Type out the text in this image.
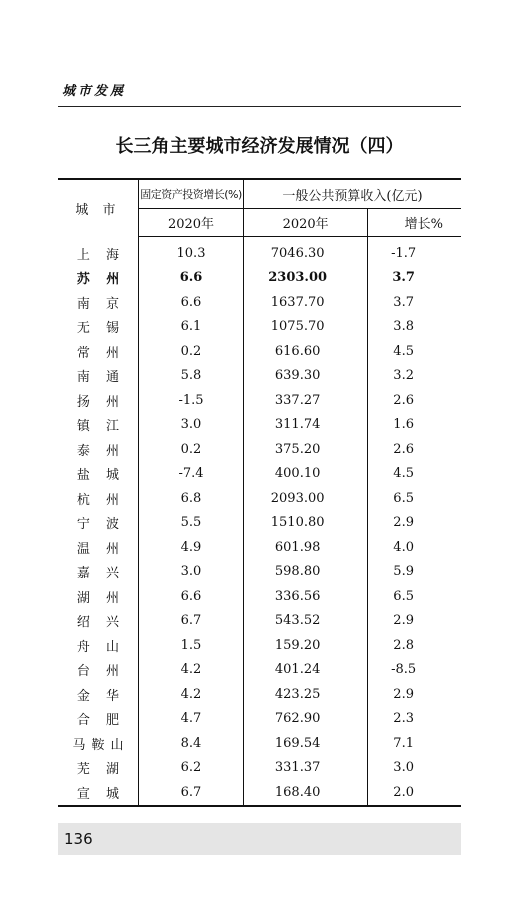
城市发展
长三角主要城市经济发展情况（四）
城 市	固定资产投资增长(%)	一般公共预算收入(亿元)	
	2020年	2020年	增长%
上 海	10.3	7046.30	-1.7
苏 州	6.6	2303.00	3.7
南 京	6.6	1637.70	3.7
无 锡	6.1	1075.70	3.8
常 州	0.2	616.60	4.5
南 通	5.8	639.30	3.2
扬 州	-1.5	337.27	2.6
镇 江	3.0	311.74	1.6
泰 州	0.2	375.20	2.6
盐 城	-7.4	400.10	4.5
杭 州	6.8	2093.00	6.5
宁 波	5.5	1510.80	2.9
温 州	4.9	601.98	4.0
嘉 兴	3.0	598.80	5.9
湖 州	6.6	336.56	6.5
绍 兴	6.7	543.52	2.9
舟 山	1.5	159.20	2.8
台 州	4.2	401.24	-8.5
金 华	4.2	423.25	2.9
合 肥	4.7	762.90	2.3
马鞍山	8.4	169.54	7.1
芜 湖	6.2	331.37	3.0
宣 城	6.7	168.40	2.0
136
